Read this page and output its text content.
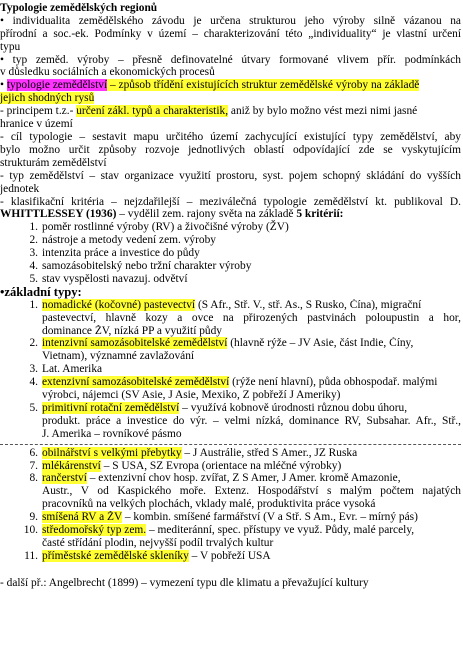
Typologie zemědělských regionů
• individualita zemědělského závodu je určena strukturou jeho výroby silně vázanou na
přírodní a soc.-ek. Podmínky v území – charakterizování této „individuality“ je vlastní určení
typu
• typ zeměd. výroby – přesně definovatelné útvary formované vlivem přír. podmínkách
v důsledku sociálních a ekonomických procesů
• typologie zemědělství – způsob třídění existujících struktur zemědělské výroby na základě
jejich shodných rysů
- principem t.z.- určení zákl. typů a charakteristik, aniž by bylo možno vést mezi nimi jasné
hranice v území
- cíl typologie – sestavit mapu určitého území zachycující existující typy zemědělství, aby
bylo možno určit způsoby rozvoje jednotlivých oblastí odpovídající zde se vyskytujícím
strukturám zemědělství
- typ zemědělství – stav organizace využití prostoru, syst. pojem schopný skládání do vyšších
jednotek
- klasifikační kritéria – nejzdařilejší – meziválečná typologie zemědělství kt. publikoval D.
WHITTLESSEY (1936) – vydělil zem. rajony světa na základě 5 kritérií:
1. poměr rostlinné výroby (RV) a živočišné výroby (ŽV)
2. nástroje a metody vedení zem. výroby
3. intenzita práce a investice do půdy
4. samozásobitelský nebo tržní charakter výroby
5. stav vyspělosti navazuj. odvětví
•základní typy:
1. nomadické (kočovné) pastevectví (S Afr., Stř. V., stř. As., S Rusko, Čína), migrační
pastevectví, hlavně kozy a ovce na přirozených pastvinách poloupustin a hor,
dominance ŽV, nízká PP a využití půdy
2. intenzivní samozásobitelské zemědělství (hlavně rýže – JV Asie, část Indie, Číny,
Vietnam), významné zavlažování
3. Lat. Amerika
4. extenzivní samozásobitelské zemědělství (rýže není hlavní), půda obhospodař. malými
výrobci, nájemci (SV Asie, J Asie, Mexiko, Z pobřeží J Ameriky)
5. primitivní rotační zemědělství – využívá kobnově úrodnosti různou dobu úhoru,
produkt. práce a investice do výr. – velmi nízká, dominance RV, Subsahar. Afr., Stř.,
J. Amerika – rovníkové pásmo
6. obilnářství s velkými přebytky – J Austrálie, střed S Amer., JZ Ruska
7. mlékárenství – S USA, SZ Evropa (orientace na mléčné výrobky)
8. rančerství – extenzivní chov hosp. zvířat, Z S Amer, J Amer. kromě Amazonie,
Austr., V od Kaspického moře. Extenz. Hospodářství s malým počtem najatých
pracovníků na velkých plochách, vklady malé, produktivita práce vysoká
9. smíšená RV a ŽV – kombin. smíšené farmářství (V a Stř. S Am., Evr. – mírný pás)
10. středomořský typ zem. – mediteránní, spec. přístupy ve využ. Půdy, malé parcely,
časté střídání plodin, nejvyšší podíl trvalých kultur
11. příměstské zemědělské skleníky – V pobřeží USA
- další př.: Angelbrecht (1899) – vymezení typu dle klimatu a převažující kultury
